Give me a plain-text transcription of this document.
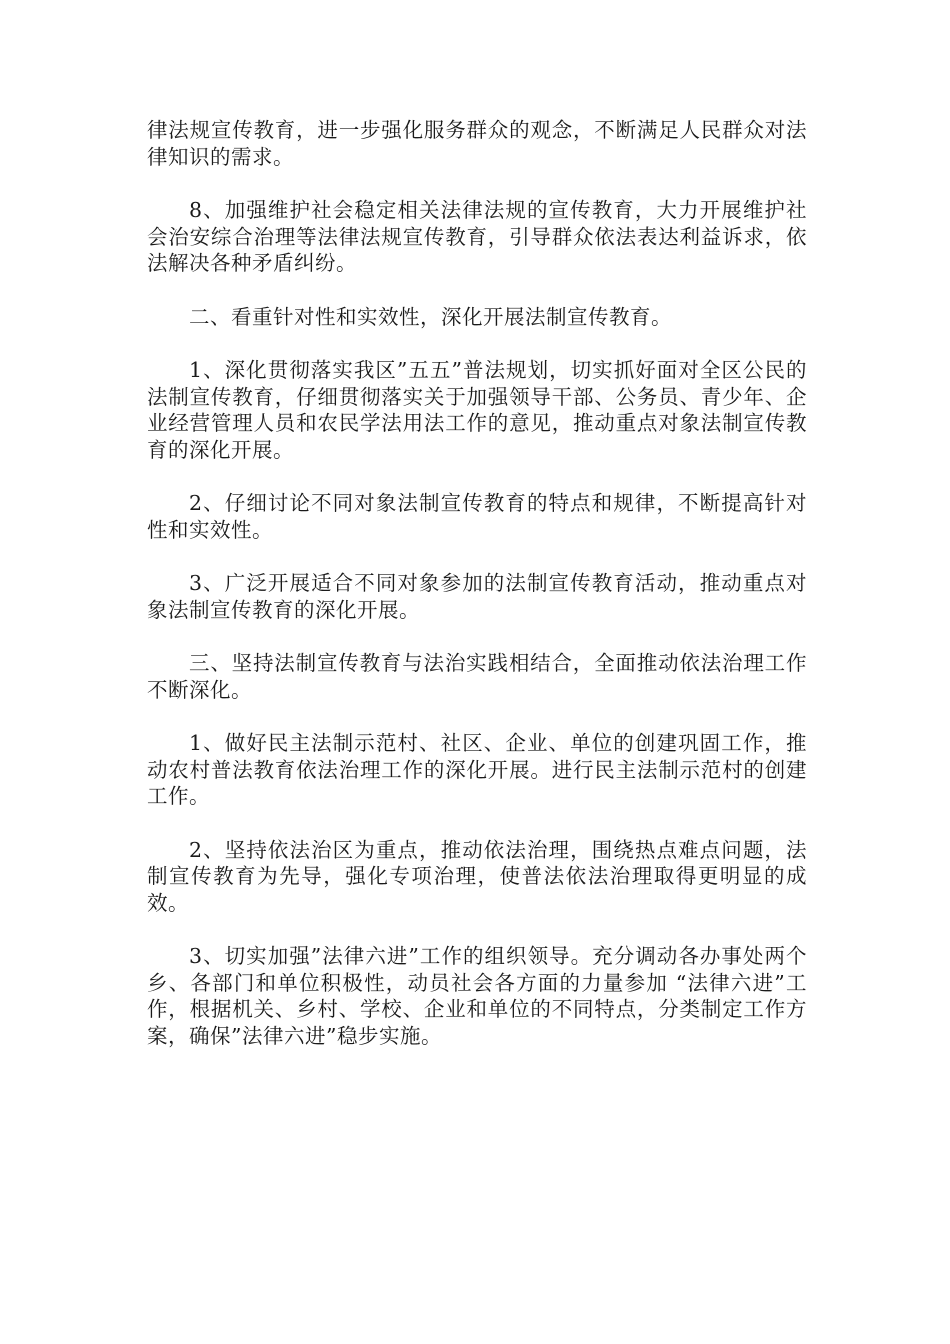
律法规宣传教育，进一步强化服务群众的观念，不断满足人民群众对法律知识的需求。

8、加强维护社会稳定相关法律法规的宣传教育，大力开展维护社会治安综合治理等法律法规宣传教育，引导群众依法表达利益诉求，依法解决各种矛盾纠纷。

二、看重针对性和实效性，深化开展法制宣传教育。

1、深化贯彻落实我区”五五”普法规划，切实抓好面对全区公民的法制宣传教育，仔细贯彻落实关于加强领导干部、公务员、青少年、企业经营管理人员和农民学法用法工作的意见，推动重点对象法制宣传教育的深化开展。

2、仔细讨论不同对象法制宣传教育的特点和规律，不断提高针对性和实效性。

3、广泛开展适合不同对象参加的法制宣传教育活动，推动重点对象法制宣传教育的深化开展。

三、坚持法制宣传教育与法治实践相结合，全面推动依法治理工作不断深化。

1、做好民主法制示范村、社区、企业、单位的创建巩固工作，推动农村普法教育依法治理工作的深化开展。进行民主法制示范村的创建工作。

2、坚持依法治区为重点，推动依法治理，围绕热点难点问题，法制宣传教育为先导，强化专项治理，使普法依法治理取得更明显的成效。

3、切实加强”法律六进”工作的组织领导。充分调动各办事处两个乡、各部门和单位积极性，动员社会各方面的力量参加 “法律六进”工作，根据机关、乡村、学校、企业和单位的不同特点，分类制定工作方案，确保”法律六进”稳步实施。
